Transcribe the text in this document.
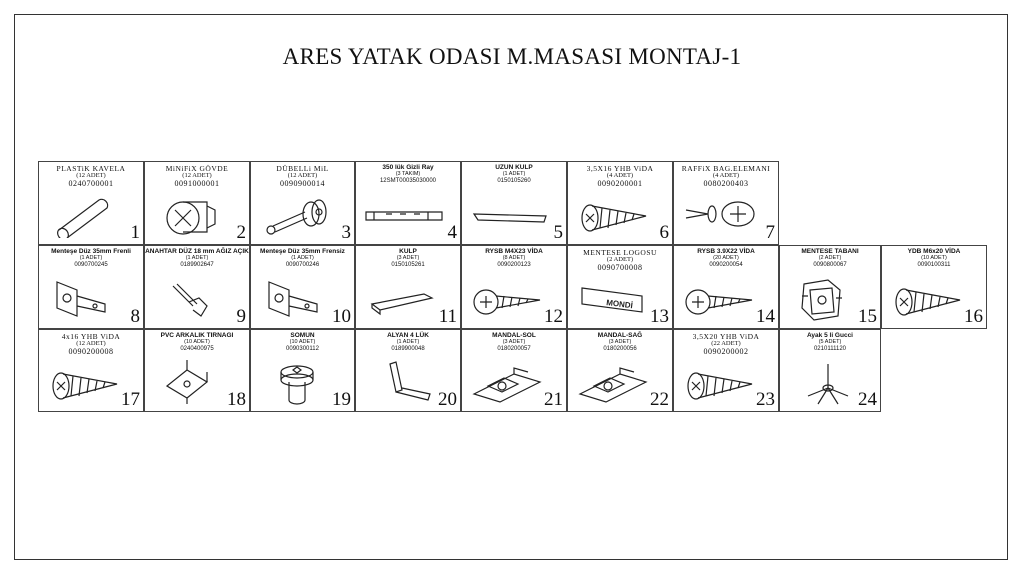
ARES YATAK ODASI M.MASASI MONTAJ-1
PLASTiK KAVELA
(12 ADET)
0240700001
1
MiNiFiX GÖVDE
(12 ADET)
0091000001
2
DÜBELLi MiL
(12 ADET)
0090900014
3
350 lük Gizli Ray
(3 TAKIM)
12SMT00035030000
4
UZUN KULP
(1 ADET)
0150105260
5
3,5X16 YHB ViDA
(4 ADET)
0090200001
6
RAFFiX BAG.ELEMANI
(4 ADET)
0080200403
7
Menteşe Düz 35mm Frenli
(1 ADET)
0090700245
8
ANAHTAR DÜZ 18 mm AĞIZ AÇIK
(1 ADET)
0189902647
9
Menteşe Düz 35mm Frensiz
(1 ADET)
0090700246
10
KULP
(3 ADET)
0150105261
11
RYSB M4X23 VİDA
(8 ADET)
0090200123
12
MENTESE LOGOSU
(2 ADET)
0090700008
MONDİ
13
RYSB 3.9X22 VİDA
(20 ADET)
0090200054
14
MENTESE TABANI
(2 ADET)
0090800067
15
YDB M6x20 VİDA
(10 ADET)
0090100311
16
4x16 YHB ViDA
(12 ADET)
0090200008
17
PVC ARKALIK TIRNAGI
(10 ADET)
0240400975
18
SOMUN
(10 ADET)
0090300112
19
ALYAN 4 LÜK
(1 ADET)
0189900048
20
MANDAL-SOL
(3 ADET)
0180200057
21
MANDAL-SAĞ
(3 ADET)
0180200056
22
3,5X20 YHB ViDA
(22 ADET)
0090200002
23
Ayak 5 li Gucci
(5 ADET)
0210111120
24
